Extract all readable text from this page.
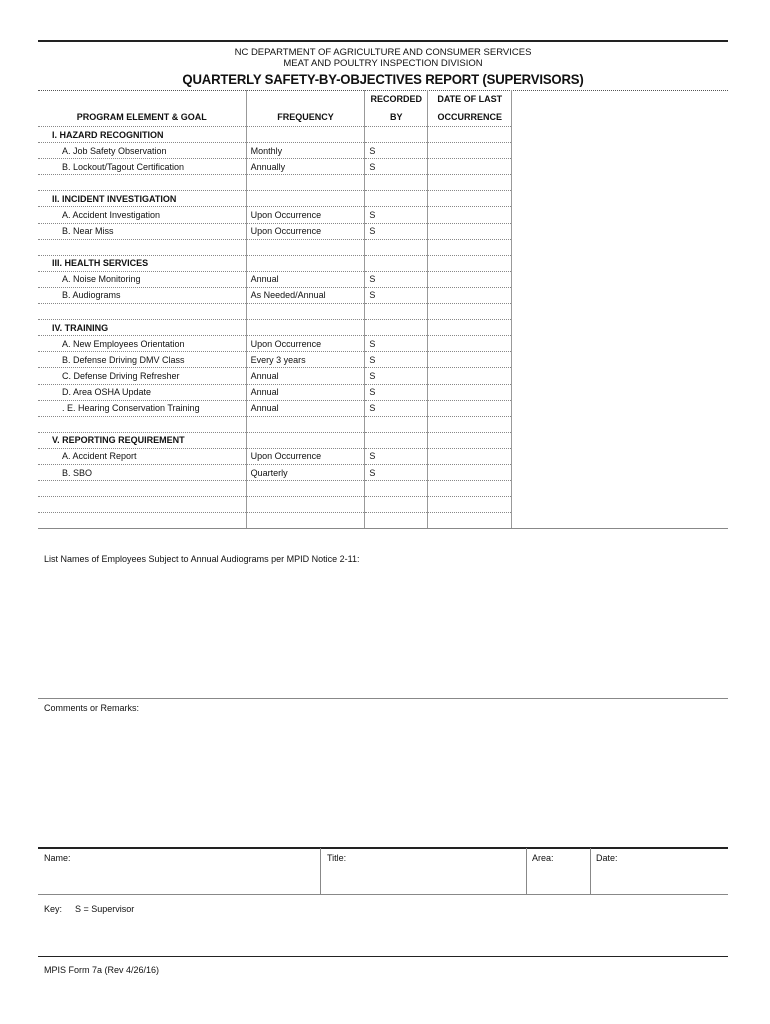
NC DEPARTMENT OF AGRICULTURE AND CONSUMER SERVICES
MEAT AND POULTRY INSPECTION DIVISION
QUARTERLY SAFETY-BY-OBJECTIVES REPORT (SUPERVISORS)
		RECORDED	DATE OF LAST	
PROGRAM ELEMENT & GOAL	FREQUENCY	BY	OCCURRENCE	
I. HAZARD RECOGNITION				
A. Job Safety Observation	Monthly	S		
B. Lockout/Tagout Certification	Annually	S		

II. INCIDENT INVESTIGATION				
A. Accident Investigation	Upon Occurrence	S		
B. Near Miss	Upon Occurrence	S		

III. HEALTH SERVICES				
A. Noise Monitoring	Annual	S		
B. Audiograms	As Needed/Annual	S		

IV. TRAINING				
A. New Employees Orientation	Upon Occurrence	S		
B. Defense Driving DMV Class	Every 3 years	S		
C. Defense Driving Refresher	Annual	S		
D. Area OSHA Update	Annual	S		
. E. Hearing Conservation Training	Annual	S		

V. REPORTING REQUIREMENT				
A. Accident Report	Upon Occurrence	S		
B. SBO	Quarterly	S		

List Names of Employees Subject to Annual Audiograms per MPID Notice 2-11:
Comments or Remarks:
Name:	Title:	Area:	Date:
Key: S = Supervisor
MPIS Form 7a (Rev 4/26/16)
